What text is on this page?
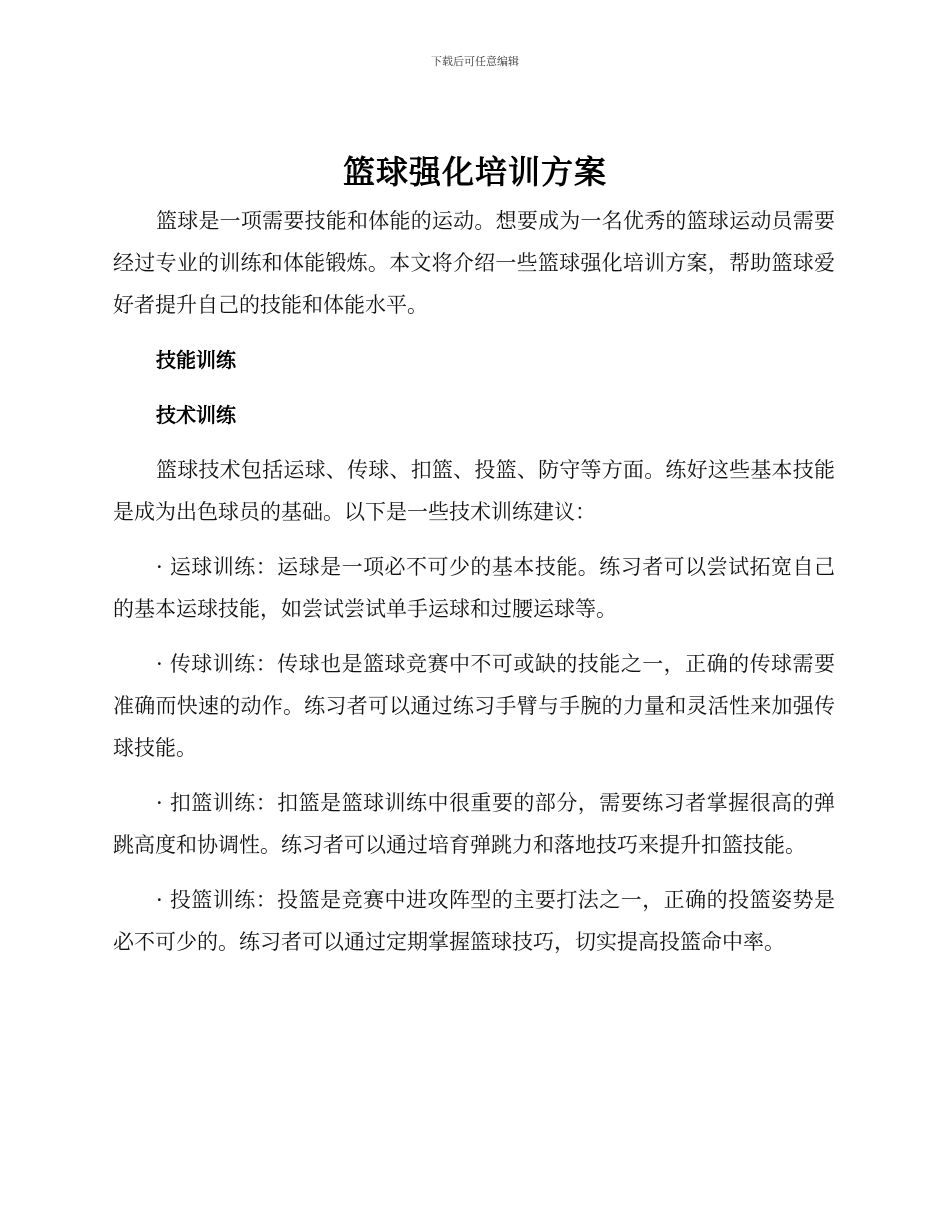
下载后可任意编辑
篮球强化培训方案

篮球是一项需要技能和体能的运动。想要成为一名优秀的篮球运动员需要经过专业的训练和体能锻炼。本文将介绍一些篮球强化培训方案，帮助篮球爱好者提升自己的技能和体能水平。

技能训练

技术训练

篮球技术包括运球、传球、扣篮、投篮、防守等方面。练好这些基本技能是成为出色球员的基础。以下是一些技术训练建议：

· 运球训练：运球是一项必不可少的基本技能。练习者可以尝试拓宽自己的基本运球技能，如尝试尝试单手运球和过腰运球等。

· 传球训练：传球也是篮球竞赛中不可或缺的技能之一，正确的传球需要准确而快速的动作。练习者可以通过练习手臂与手腕的力量和灵活性来加强传球技能。

· 扣篮训练：扣篮是篮球训练中很重要的部分，需要练习者掌握很高的弹跳高度和协调性。练习者可以通过培育弹跳力和落地技巧来提升扣篮技能。

· 投篮训练：投篮是竞赛中进攻阵型的主要打法之一，正确的投篮姿势是必不可少的。练习者可以通过定期掌握篮球技巧，切实提高投篮命中率。
